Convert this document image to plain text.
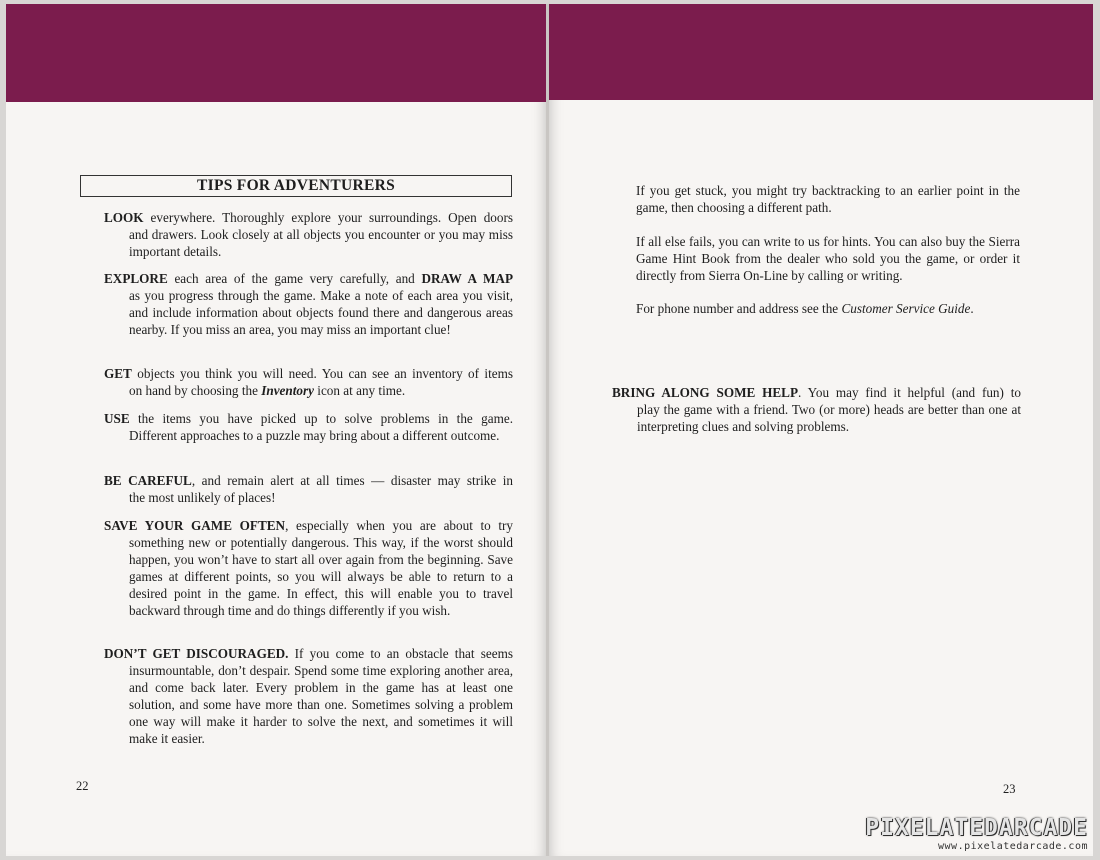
TIPS FOR ADVENTURERS
LOOK everywhere. Thoroughly explore your surroundings. Open doors
and drawers. Look closely at all objects you encounter or you may miss important details.
EXPLORE each area of the game very carefully, and DRAW A MAP
as you progress through the game. Make a note of each area you visit, and include information about objects found there and dangerous areas nearby. If you miss an area, you may miss an important clue!
GET objects you think you will need. You can see an inventory of items
on hand by choosing the Inventory icon at any time.
USE the items you have picked up to solve problems in the game.
Different approaches to a puzzle may bring about a different outcome.
BE CAREFUL, and remain alert at all times — disaster may strike in
the most unlikely of places!
SAVE YOUR GAME OFTEN, especially when you are about to try
something new or potentially dangerous. This way, if the worst should happen, you won’t have to start all over again from the beginning. Save games at different points, so you will always be able to return to a desired point in the game. In effect, this will enable you to travel backward through time and do things differently if you wish.
DON’T GET DISCOURAGED. If you come to an obstacle that seems
insurmountable, don’t despair. Spend some time exploring another area, and come back later. Every problem in the game has at least one solution, and some have more than one. Sometimes solving a problem one way will make it harder to solve the next, and sometimes it will make it easier.
22
If you get stuck, you might try backtracking to an earlier point in the game, then choosing a different path.
If all else fails, you can write to us for hints. You can also buy the Sierra Game Hint Book from the dealer who sold you the game, or order it directly from Sierra On-Line by calling or writing.
For phone number and address see the Customer Service Guide.
BRING ALONG SOME HELP. You may find it helpful (and fun) to
play the game with a friend. Two (or more) heads are better than one at interpreting clues and solving problems.
23
PIXELATEDARCADE
www.pixelatedarcade.com
